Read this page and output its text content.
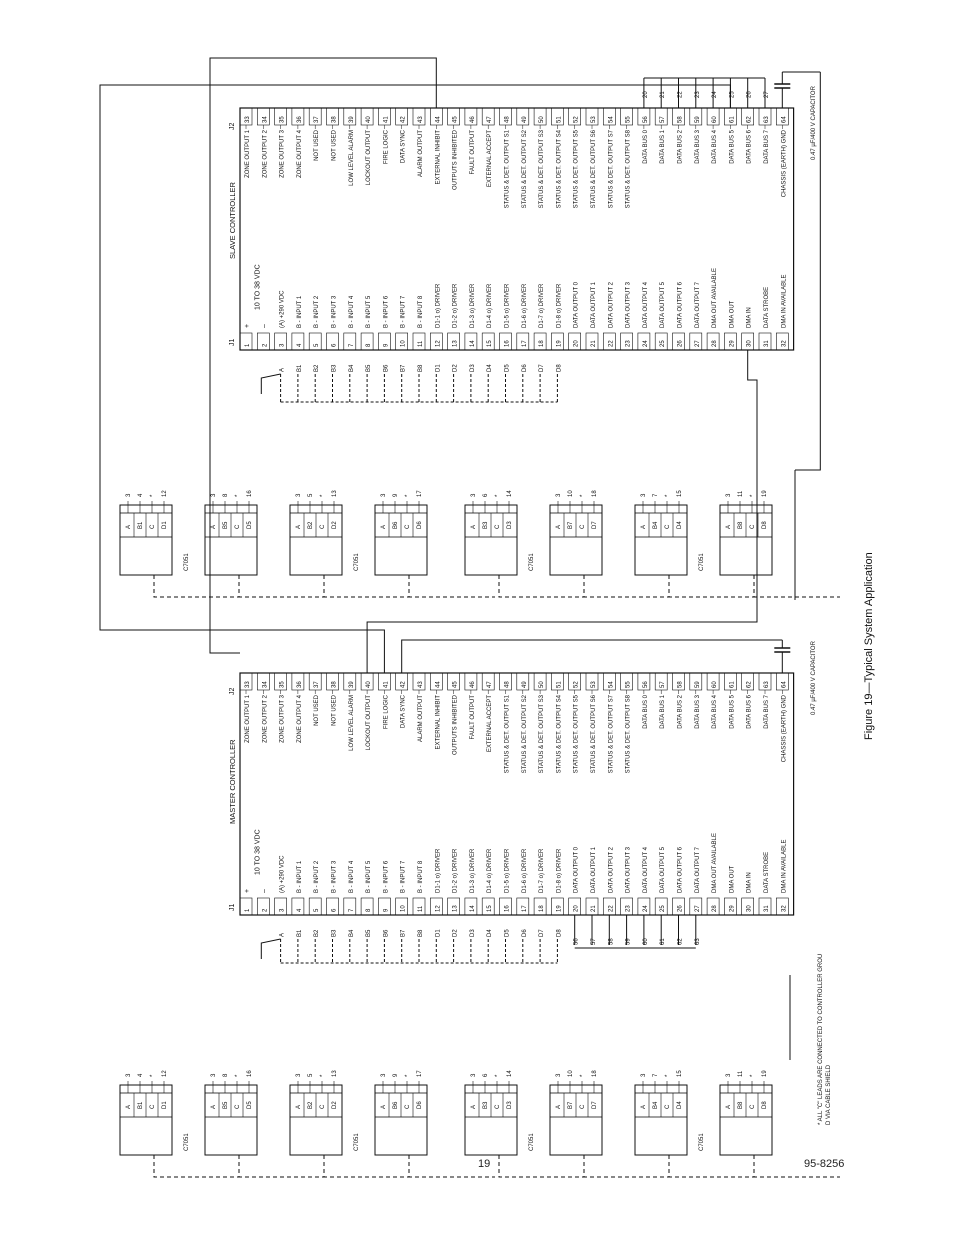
J1
J2
SLAVE CONTROLLER
1
33
+
ZONE OUTPUT 1
2
34
–
ZONE OUTPUT 2
3
35
(A) +290 VDC
ZONE OUTPUT 3
A
4
36
B - INPUT 1
ZONE OUTPUT 4
B1
5
37
B - INPUT 2
NOT USED
B2
6
38
B - INPUT 3
NOT USED
B3
7
39
B - INPUT 4
LOW LEVEL ALARM
B4
8
40
B - INPUT 5
LOCKOUT OUTPUT
B5
9
41
B - INPUT 6
FIRE LOGIC
B6
10
42
B - INPUT 7
DATA SYNC
B7
11
43
B - INPUT 8
ALARM OUTPUT
B8
12
44
D1-1 o) DRIVER
EXTERNAL INHIBIT
D1
13
45
D1-2 o) DRIVER
OUTPUTS INHIBITED
D2
14
46
D1-3 o) DRIVER
FAULT OUTPUT
D3
15
47
D1-4 o) DRIVER
EXTERNAL ACCEPT
D4
16
48
D1-5 o) DRIVER
STATUS & DET. OUTPUT S1
D5
17
49
D1-6 o) DRIVER
STATUS & DET. OUTPUT S2
D6
18
50
D1-7 o) DRIVER
STATUS & DET. OUTPUT S3
D7
19
51
D1-8 o) DRIVER
STATUS & DET. OUTPUT S4
D8
20
52
DATA OUTPUT 0
STATUS & DET. OUTPUT S5
21
53
DATA OUTPUT 1
STATUS & DET. OUTPUT S6
22
54
DATA OUTPUT 2
STATUS & DET. OUTPUT S7
23
55
DATA OUTPUT 3
STATUS & DET. OUTPUT S8
24
56
DATA OUTPUT 4
DATA BUS 0
25
57
DATA OUTPUT 5
DATA BUS 1
26
58
DATA OUTPUT 6
DATA BUS 2
27
59
DATA OUTPUT 7
DATA BUS 3
28
60
DMA OUT AVAILABLE
DATA BUS 4
29
61
DMA OUT
DATA BUS 5
30
62
DMA IN
DATA BUS 6
31
63
DATA STROBE
DATA BUS 7
32
64
DMA IN AVAILABLE
CHASSIS (EARTH) GND
10 TO 38 VDC
J1
J2
MASTER CONTROLLER
1
33
+
ZONE OUTPUT 1
2
34
–
ZONE OUTPUT 2
3
35
(A) +290 VDC
ZONE OUTPUT 3
A
4
36
B - INPUT 1
ZONE OUTPUT 4
B1
5
37
B - INPUT 2
NOT USED
B2
6
38
B - INPUT 3
NOT USED
B3
7
39
B - INPUT 4
LOW LEVEL ALARM
B4
8
40
B - INPUT 5
LOCKOUT OUTPUT
B5
9
41
B - INPUT 6
FIRE LOGIC
B6
10
42
B - INPUT 7
DATA SYNC
B7
11
43
B - INPUT 8
ALARM OUTPUT
B8
12
44
D1-1 o) DRIVER
EXTERNAL INHIBIT
D1
13
45
D1-2 o) DRIVER
OUTPUTS INHIBITED
D2
14
46
D1-3 o) DRIVER
FAULT OUTPUT
D3
15
47
D1-4 o) DRIVER
EXTERNAL ACCEPT
D4
16
48
D1-5 o) DRIVER
STATUS & DET. OUTPUT S1
D5
17
49
D1-6 o) DRIVER
STATUS & DET. OUTPUT S2
D6
18
50
D1-7 o) DRIVER
STATUS & DET. OUTPUT S3
D7
19
51
D1-8 o) DRIVER
STATUS & DET. OUTPUT S4
D8
20
52
DATA OUTPUT 0
STATUS & DET. OUTPUT S5
21
53
DATA OUTPUT 1
STATUS & DET. OUTPUT S6
22
54
DATA OUTPUT 2
STATUS & DET. OUTPUT S7
23
55
DATA OUTPUT 3
STATUS & DET. OUTPUT S8
24
56
DATA OUTPUT 4
DATA BUS 0
25
57
DATA OUTPUT 5
DATA BUS 1
26
58
DATA OUTPUT 6
DATA BUS 2
27
59
DATA OUTPUT 7
DATA BUS 3
28
60
DMA OUT AVAILABLE
DATA BUS 4
29
61
DMA OUT
DATA BUS 5
30
62
DMA IN
DATA BUS 6
31
63
DATA STROBE
DATA BUS 7
32
64
DMA IN AVAILABLE
CHASSIS (EARTH) GND
10 TO 38 VDC
A
3
B1
4
C
*
D1
12
C7051
A
3
B5
8
C
*
D5
16
A
3
B2
5
C
*
D2
13
C7051
A
3
B6
9
C
*
D6
17
A
3
B3
6
C
*
D3
14
C7051
A
3
B7
10
C
*
D7
18
A
3
B4
7
C
*
D4
15
C7051
A
3
B8
11
C
*
D8
19
A
3
B1
4
C
*
D1
12
C7051
A
3
B5
8
C
*
D5
16
A
3
B2
5
C
*
D2
13
C7051
A
3
B6
9
C
*
D6
17
A
3
B3
6
C
*
D3
14
C7051
A
3
B7
10
C
*
D7
18
A
3
B4
7
C
*
D4
15
C7051
A
3
B8
11
C
*
D8
19
20 21 22 23 24 25 26 27	0.47 µF/400 V CAPACITOR
56 57 58 59 60 61 62 63
0.47 µF/400 V CAPACITOR
* ALL "C" LEADS ARE CONNECTED TO CONTROLLER GROU D VIA CABLE SHIELD
Figure 19—Typical System Application
19	95-8256
